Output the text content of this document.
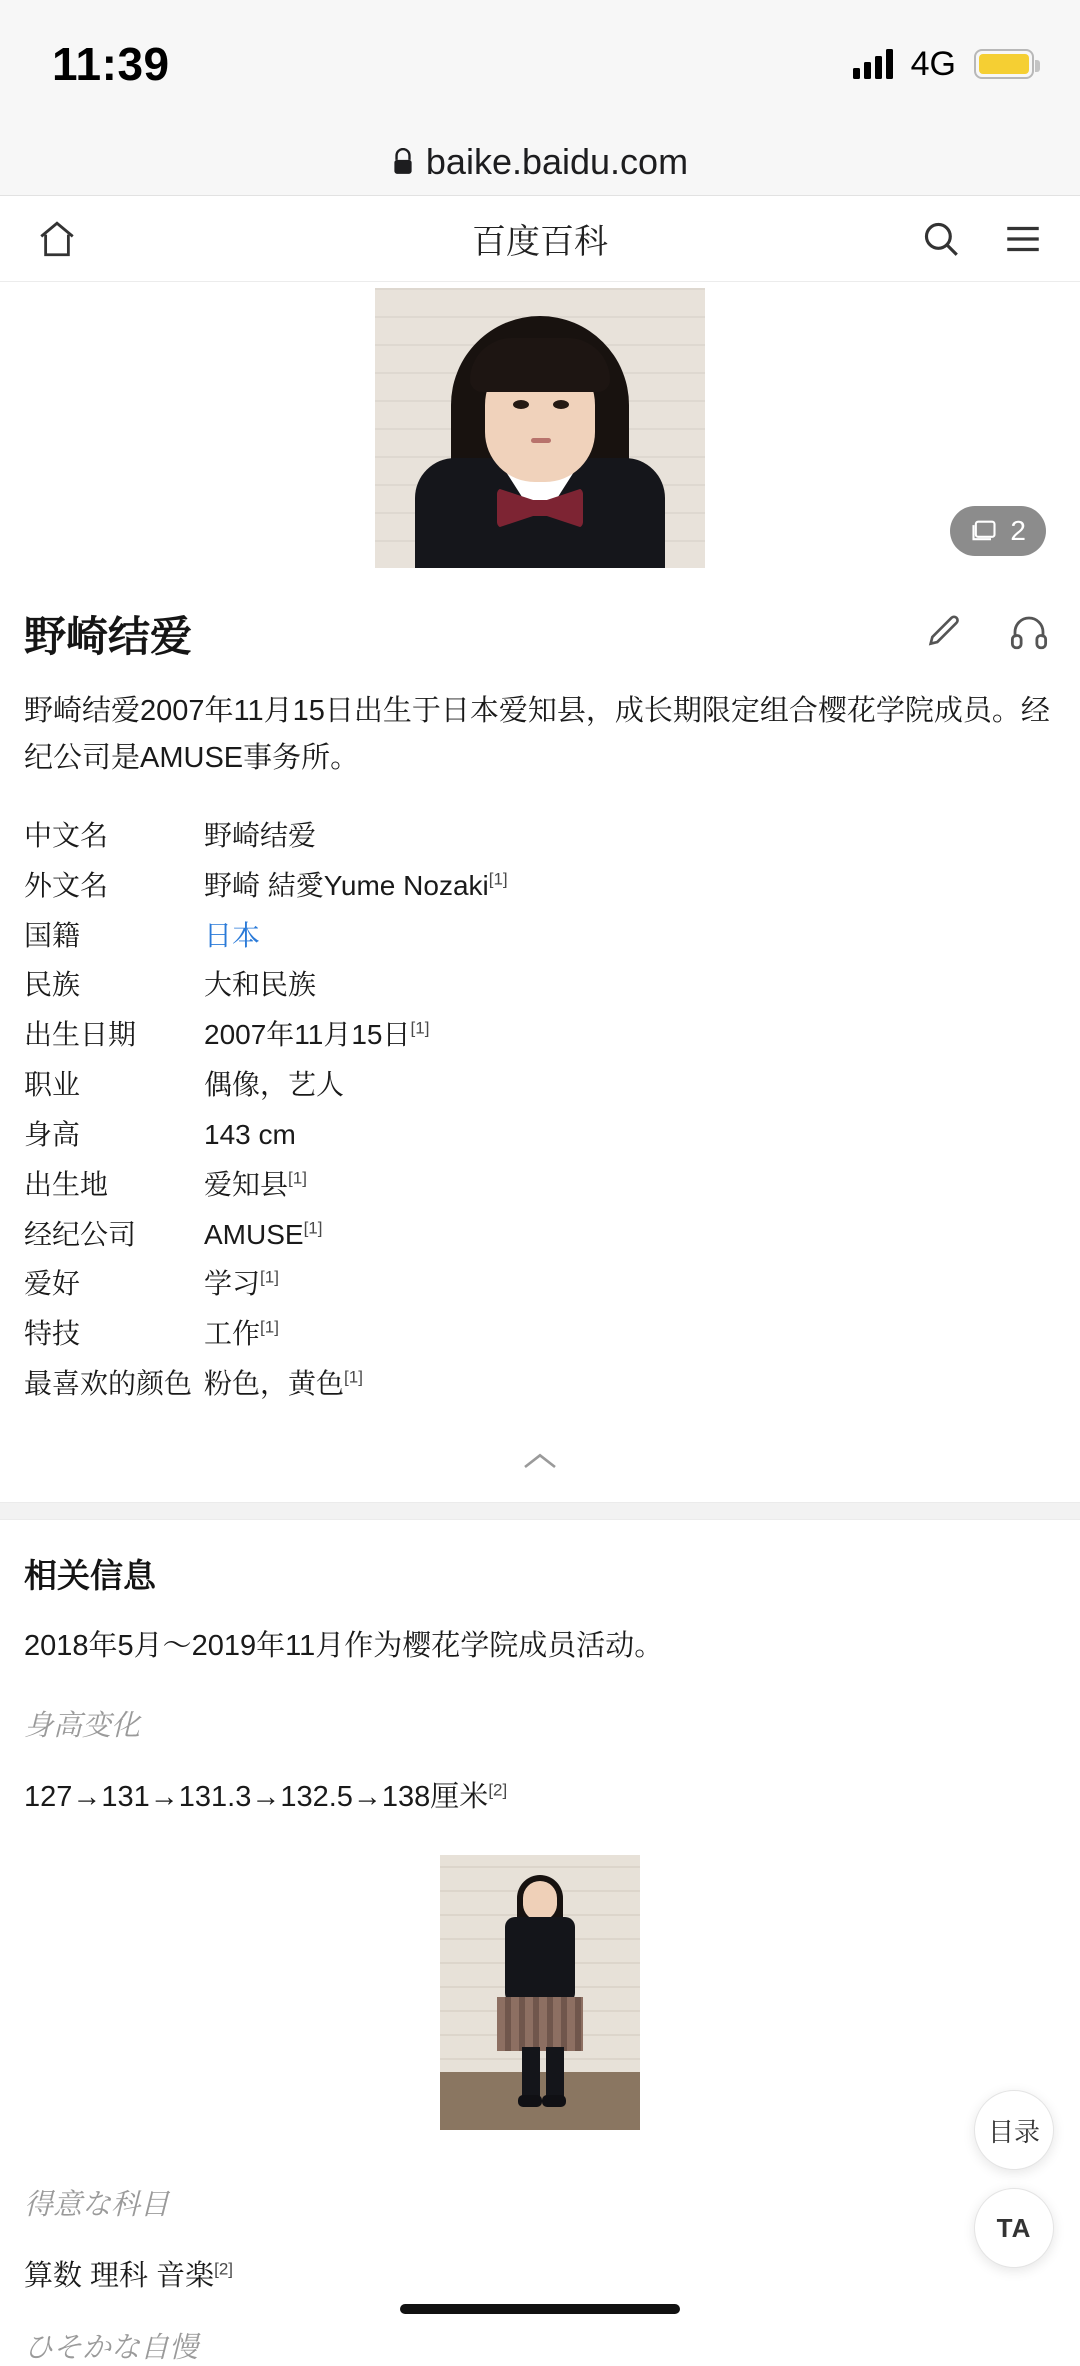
11:39	4G
baike.baidu.com
百度百科
2
野崎结爱
野崎结爱2007年11月15日出生于日本爱知县，成长期限定组合樱花学院成员。经纪公司是AMUSE事务所。
中文名	野崎结爱
外文名	野崎 結愛Yume Nozaki[1]
国籍	日本
民族	大和民族
出生日期	2007年11月15日[1]
职业	偶像，艺人
身高	143 cm
出生地	爱知县[1]
经纪公司	AMUSE[1]
爱好	学习[1]
特技	工作[1]
最喜欢的颜色 粉色，黄色[1]
相关信息
2018年5月～2019年11月作为樱花学院成员活动。
身高变化
127→131→131.3→132.5→138厘米[2]
得意な科目
算数 理科 音楽[2]
ひそかな自慢
目录
TA
